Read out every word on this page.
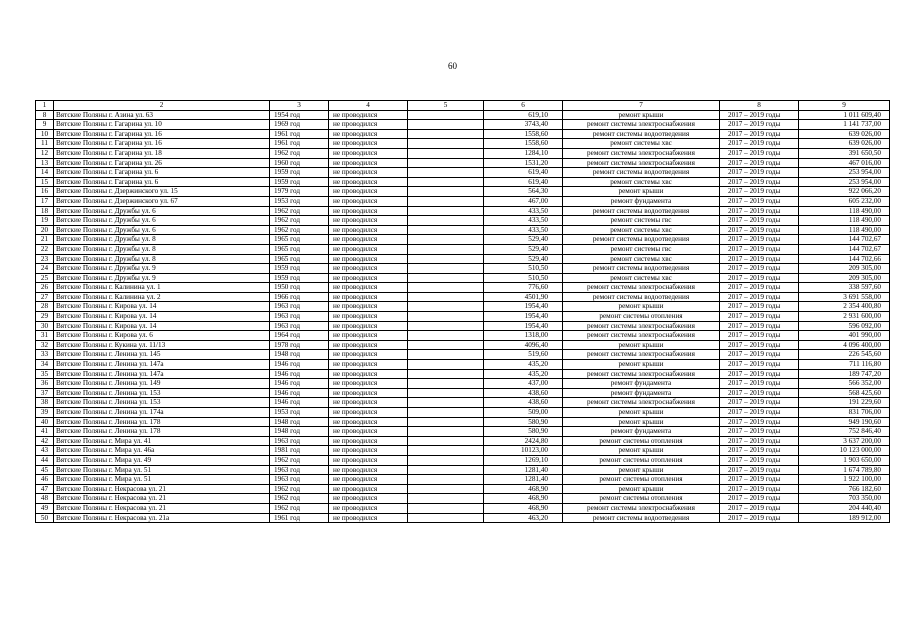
60
1	2	3	4	5	6	7	8	9
8	Вятские Поляны г. Азина ул. 63	1954 год	не проводился		619,10	ремонт крыши	2017 – 2019 годы	1 011 609,40
9	Вятские Поляны г. Гагарина ул. 10	1969 год	не проводился		3743,40	ремонт системы электроснабжения	2017 – 2019 годы	1 141 737,00
10	Вятские Поляны г. Гагарина ул. 16	1961 год	не проводился		1558,60	ремонт системы водоотведения	2017 – 2019 годы	639 026,00
11	Вятские Поляны г. Гагарина ул. 16	1961 год	не проводился		1558,60	ремонт системы хвс	2017 – 2019 годы	639 026,00
12	Вятские Поляны г. Гагарина ул. 18	1962 год	не проводился		1284,10	ремонт системы электроснабжения	2017 – 2019 годы	391 650,50
13	Вятские Поляны г. Гагарина ул. 26	1960 год	не проводился		1531,20	ремонт системы электроснабжения	2017 – 2019 годы	467 016,00
14	Вятские Поляны г. Гагарина ул. 6	1959 год	не проводился		619,40	ремонт системы водоотведения	2017 – 2019 годы	253 954,00
15	Вятские Поляны г. Гагарина ул. 6	1959 год	не проводился		619,40	ремонт системы хвс	2017 – 2019 годы	253 954,00
16	Вятские Поляны г. Дзержинского ул. 15	1979 год	не проводился		564,30	ремонт крыши	2017 – 2019 годы	922 066,20
17	Вятские Поляны г. Дзержинского ул. 67	1953 год	не проводился		467,00	ремонт фундамента	2017 – 2019 годы	605 232,00
18	Вятские Поляны г. Дружбы ул. 6	1962 год	не проводился		433,50	ремонт системы водоотведения	2017 – 2019 годы	118 490,00
19	Вятские Поляны г. Дружбы ул. 6	1962 год	не проводился		433,50	ремонт системы гвс	2017 – 2019 годы	118 490,00
20	Вятские Поляны г. Дружбы ул. 6	1962 год	не проводился		433,50	ремонт системы хвс	2017 – 2019 годы	118 490,00
21	Вятские Поляны г. Дружбы ул. 8	1965 год	не проводился		529,40	ремонт системы водоотведения	2017 – 2019 годы	144 702,67
22	Вятские Поляны г. Дружбы ул. 8	1965 год	не проводился		529,40	ремонт системы гвс	2017 – 2019 годы	144 702,67
23	Вятские Поляны г. Дружбы ул. 8	1965 год	не проводился		529,40	ремонт системы хвс	2017 – 2019 годы	144 702,66
24	Вятские Поляны г. Дружбы ул. 9	1959 год	не проводился		510,50	ремонт системы водоотведения	2017 – 2019 годы	209 305,00
25	Вятские Поляны г. Дружбы ул. 9	1959 год	не проводился		510,50	ремонт системы хвс	2017 – 2019 годы	209 305,00
26	Вятские Поляны г. Калинина ул. 1	1950 год	не проводился		776,60	ремонт системы электроснабжения	2017 – 2019 годы	338 597,60
27	Вятские Поляны г. Калинина ул. 2	1966 год	не проводился		4501,90	ремонт системы водоотведения	2017 – 2019 годы	3 691 558,00
28	Вятские Поляны г. Кирова ул. 14	1963 год	не проводился		1954,40	ремонт крыши	2017 – 2019 годы	2 354 400,80
29	Вятские Поляны г. Кирова ул. 14	1963 год	не проводился		1954,40	ремонт системы отопления	2017 – 2019 годы	2 931 600,00
30	Вятские Поляны г. Кирова ул. 14	1963 год	не проводился		1954,40	ремонт системы электроснабжения	2017 – 2019 годы	596 092,00
31	Вятские Поляны г. Кирова ул. 6	1964 год	не проводился		1318,00	ремонт системы электроснабжения	2017 – 2019 годы	401 990,00
32	Вятские Поляны г. Кукина ул. 11/13	1978 год	не проводился		4096,40	ремонт крыши	2017 – 2019 годы	4 096 400,00
33	Вятские Поляны г. Ленина ул. 145	1948 год	не проводился		519,60	ремонт системы электроснабжения	2017 – 2019 годы	226 545,60
34	Вятские Поляны г. Ленина ул. 147а	1946 год	не проводился		435,20	ремонт крыши	2017 – 2019 годы	711 116,80
35	Вятские Поляны г. Ленина ул. 147а	1946 год	не проводился		435,20	ремонт системы электроснабжения	2017 – 2019 годы	189 747,20
36	Вятские Поляны г. Ленина ул. 149	1946 год	не проводился		437,00	ремонт фундамента	2017 – 2019 годы	566 352,00
37	Вятские Поляны г. Ленина ул. 153	1946 год	не проводился		438,60	ремонт фундамента	2017 – 2019 годы	568 425,60
38	Вятские Поляны г. Ленина ул. 153	1946 год	не проводился		438,60	ремонт системы электроснабжения	2017 – 2019 годы	191 229,60
39	Вятские Поляны г. Ленина ул. 174а	1953 год	не проводился		509,00	ремонт крыши	2017 – 2019 годы	831 706,00
40	Вятские Поляны г. Ленина ул. 178	1948 год	не проводился		580,90	ремонт крыши	2017 – 2019 годы	949 190,60
41	Вятские Поляны г. Ленина ул. 178	1948 год	не проводился		580,90	ремонт фундамента	2017 – 2019 годы	752 846,40
42	Вятские Поляны г. Мира ул. 41	1963 год	не проводился		2424,80	ремонт системы отопления	2017 – 2019 годы	3 637 200,00
43	Вятские Поляны г. Мира ул. 46а	1981 год	не проводился		10123,00	ремонт крыши	2017 – 2019 годы	10 123 000,00
44	Вятские Поляны г. Мира ул. 49	1962 год	не проводился		1269,10	ремонт системы отопления	2017 – 2019 годы	1 903 650,00
45	Вятские Поляны г. Мира ул. 51	1963 год	не проводился		1281,40	ремонт крыши	2017 – 2019 годы	1 674 789,80
46	Вятские Поляны г. Мира ул. 51	1963 год	не проводился		1281,40	ремонт системы отопления	2017 – 2019 годы	1 922 100,00
47	Вятские Поляны г. Некрасова ул. 21	1962 год	не проводился		468,90	ремонт крыши	2017 – 2019 годы	766 182,60
48	Вятские Поляны г. Некрасова ул. 21	1962 год	не проводился		468,90	ремонт системы отопления	2017 – 2019 годы	703 350,00
49	Вятские Поляны г. Некрасова ул. 21	1962 год	не проводился		468,90	ремонт системы электроснабжения	2017 – 2019 годы	204 440,40
50	Вятские Поляны г. Некрасова ул. 21а	1961 год	не проводился		463,20	ремонт системы водоотведения	2017 – 2019 годы	189 912,00
